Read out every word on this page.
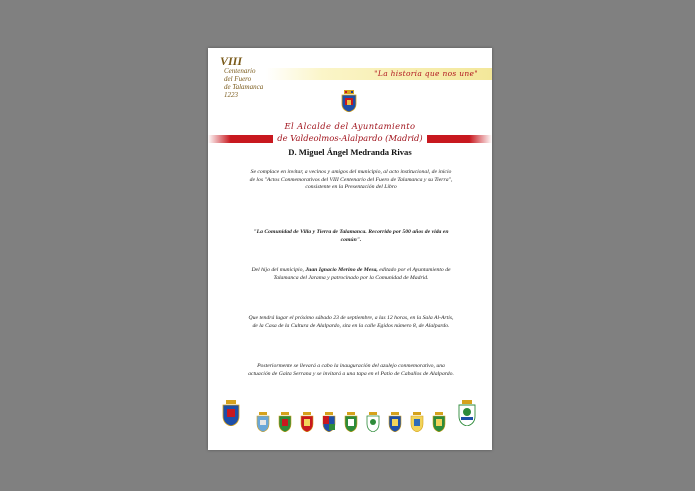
VIII
Centenario
del Fuero
de Talamanca
1223
"La historia que nos une"
El Alcalde del Ayuntamiento
de Valdeolmos-Alalpardo (Madrid)
D. Miguel Ángel Medranda Rivas

Se complace en invitar, a vecinos y amigos del municipio, al acto institucional, de inicio de los "Actos Conmemorativos del VIII Centenario del Fuero de Talamanca y su Tierra", consistente en la Presentación del Libro

"La Comunidad de Villa y Tierra de Talamanca. Recorrido por 500 años de vida en común".

Del hijo del municipio, Juan Ignacio Merino de Mesa, editado por el Ayuntamiento de Talamanca del Jarama y patrocinado por la Comunidad de Madrid.

Que tendrá lugar el próximo sábado 23 de septiembre, a las 12 horas, en la Sala Al-Artis, de la Casa de la Cultura de Alalpardo, sita en la calle Egidos número 8, de Alalpardo.

Posteriormente se llevará a cabo la inauguración del azulejo conmemorativo, una actuación de Gaita Serrana y se invitará a una tapa en el Patio de Caballos de Alalpardo.
